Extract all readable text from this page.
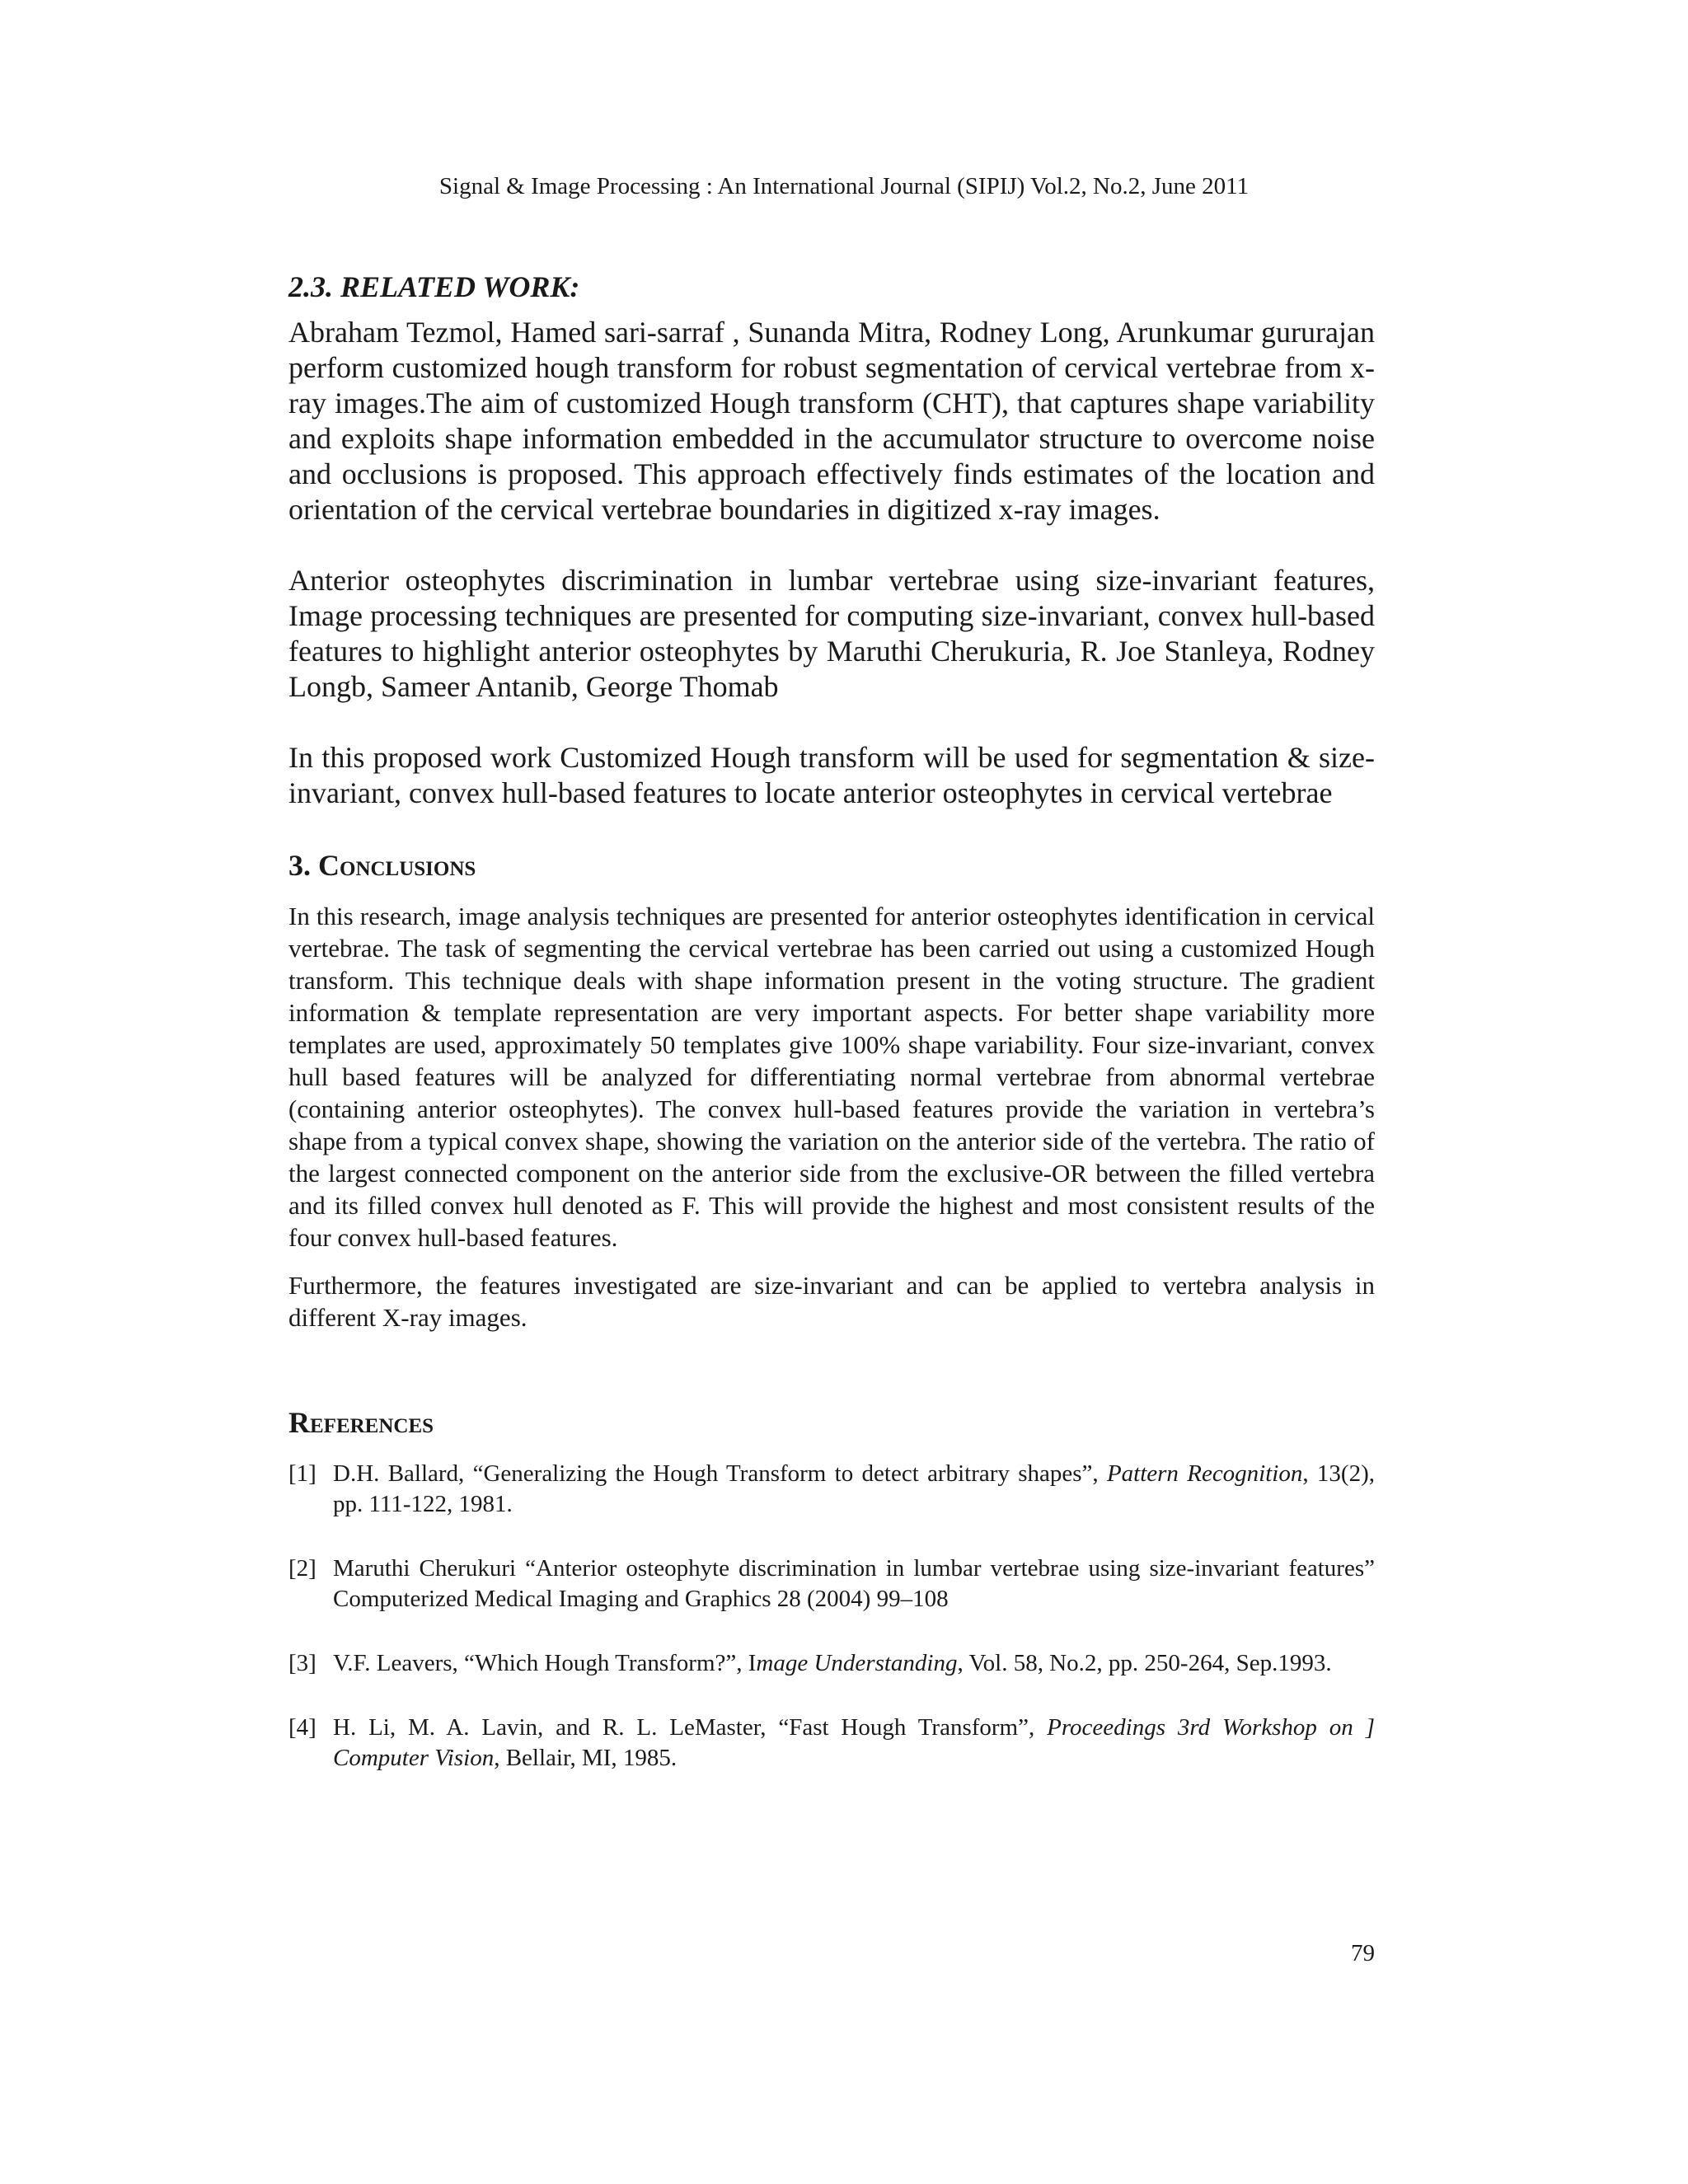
Signal & Image Processing : An International Journal (SIPIJ) Vol.2, No.2, June 2011
2.3. RELATED WORK:

Abraham Tezmol, Hamed sari-sarraf , Sunanda Mitra, Rodney Long, Arunkumar gururajan perform customized hough transform for robust segmentation of cervical vertebrae from x-ray images.The aim of customized Hough transform (CHT), that captures shape variability and exploits shape information embedded in the accumulator structure to overcome noise and occlusions is proposed. This approach effectively finds estimates of the location and orientation of the cervical vertebrae boundaries in digitized x-ray images.

Anterior osteophytes discrimination in lumbar vertebrae using size-invariant features, Image processing techniques are presented for computing size-invariant, convex hull-based features to highlight anterior osteophytes by Maruthi Cherukuria, R. Joe Stanleya, Rodney Longb, Sameer Antanib, George Thomab

In this proposed work Customized Hough transform will be used for segmentation & size-invariant, convex hull-based features to locate anterior osteophytes in cervical vertebrae

3. Conclusions

In this research, image analysis techniques are presented for anterior osteophytes identification in cervical vertebrae. The task of segmenting the cervical vertebrae has been carried out using a customized Hough transform. This technique deals with shape information present in the voting structure. The gradient information & template representation are very important aspects. For better shape variability more templates are used, approximately 50 templates give 100% shape variability. Four size-invariant, convex hull based features will be analyzed for differentiating normal vertebrae from abnormal vertebrae (containing anterior osteophytes). The convex hull-based features provide the variation in vertebra’s shape from a typical convex shape, showing the variation on the anterior side of the vertebra. The ratio of the largest connected component on the anterior side from the exclusive-OR between the filled vertebra and its filled convex hull denoted as F. This will provide the highest and most consistent results of the four convex hull-based features.

Furthermore, the features investigated are size-invariant and can be applied to vertebra analysis in different X-ray images.

References

[1] D.H. Ballard, “Generalizing the Hough Transform to detect arbitrary shapes”, Pattern Recognition, 13(2), pp. 111-122, 1981.

[2] Maruthi Cherukuri “Anterior osteophyte discrimination in lumbar vertebrae using size-invariant features” Computerized Medical Imaging and Graphics 28 (2004) 99–108

[3] V.F. Leavers, “Which Hough Transform?”, Image Understanding, Vol. 58, No.2, pp. 250-264, Sep.1993.

[4] H. Li, M. A. Lavin, and R. L. LeMaster, “Fast Hough Transform”, Proceedings 3rd Workshop on ] Computer Vision, Bellair, MI, 1985.

79
